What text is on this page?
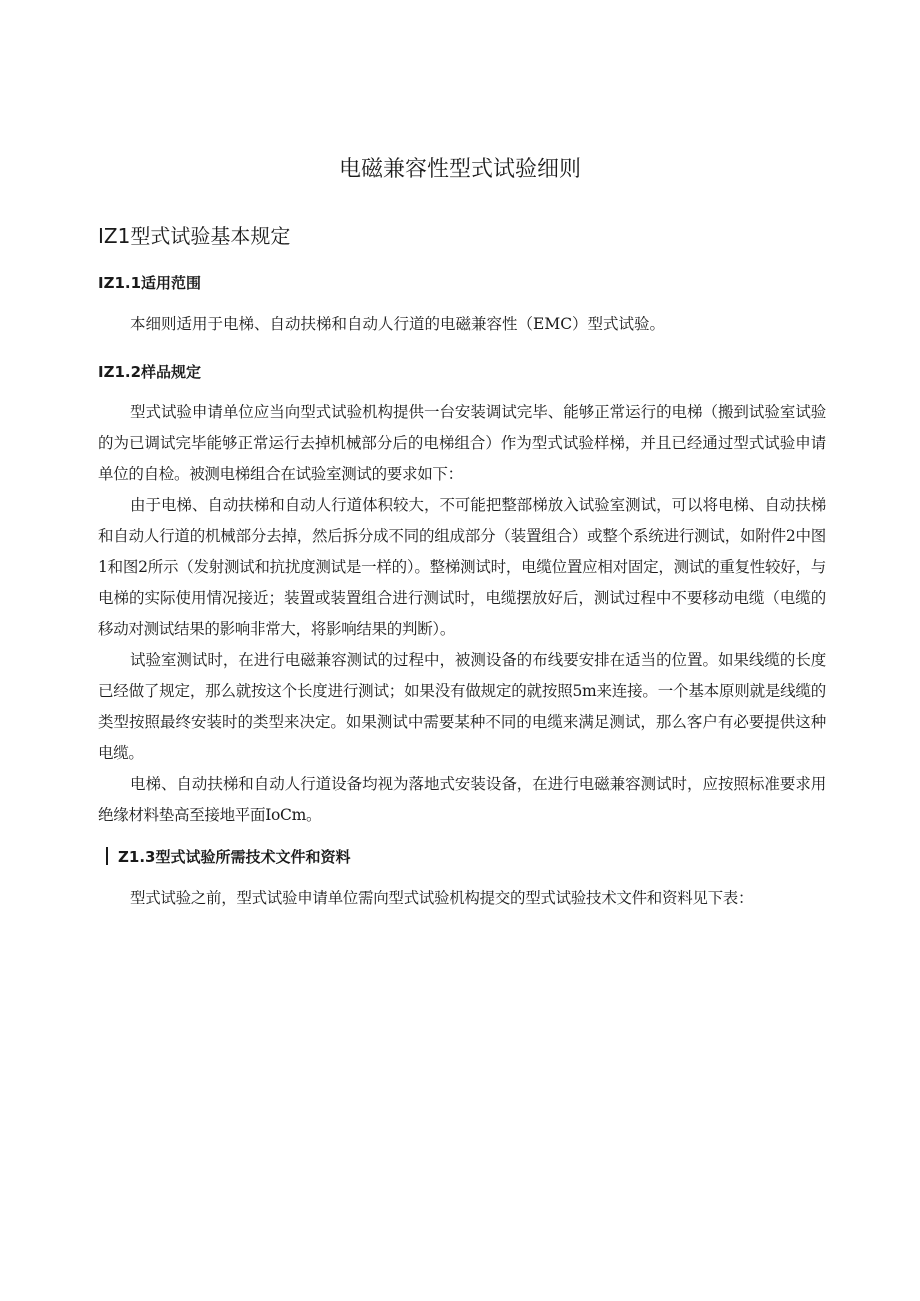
电磁兼容性型式试验细则
IZ1型式试验基本规定
IZ1.1适用范围

本细则适用于电梯、自动扶梯和自动人行道的电磁兼容性（EMC）型式试验。

IZ1.2样品规定

型式试验申请单位应当向型式试验机构提供一台安装调试完毕、能够正常运行的电梯（搬到试验室试验的为已调试完毕能够正常运行去掉机械部分后的电梯组合）作为型式试验样梯，并且已经通过型式试验申请单位的自检。被测电梯组合在试验室测试的要求如下：

由于电梯、自动扶梯和自动人行道体积较大，不可能把整部梯放入试验室测试，可以将电梯、自动扶梯和自动人行道的机械部分去掉，然后拆分成不同的组成部分（装置组合）或整个系统进行测试，如附件2中图1和图2所示（发射测试和抗扰度测试是一样的）。整梯测试时，电缆位置应相对固定，测试的重复性较好，与电梯的实际使用情况接近；装置或装置组合进行测试时，电缆摆放好后，测试过程中不要移动电缆（电缆的移动对测试结果的影响非常大，将影响结果的判断）。

试验室测试时，在进行电磁兼容测试的过程中，被测设备的布线要安排在适当的位置。如果线缆的长度已经做了规定，那么就按这个长度进行测试；如果没有做规定的就按照5m来连接。一个基本原则就是线缆的类型按照最终安装时的类型来决定。如果测试中需要某种不同的电缆来满足测试，那么客户有必要提供这种电缆。

电梯、自动扶梯和自动人行道设备均视为落地式安装设备，在进行电磁兼容测试时，应按照标准要求用绝缘材料垫高至接地平面IoCm。

Z1.3型式试验所需技术文件和资料

型式试验之前，型式试验申请单位需向型式试验机构提交的型式试验技术文件和资料见下表：
